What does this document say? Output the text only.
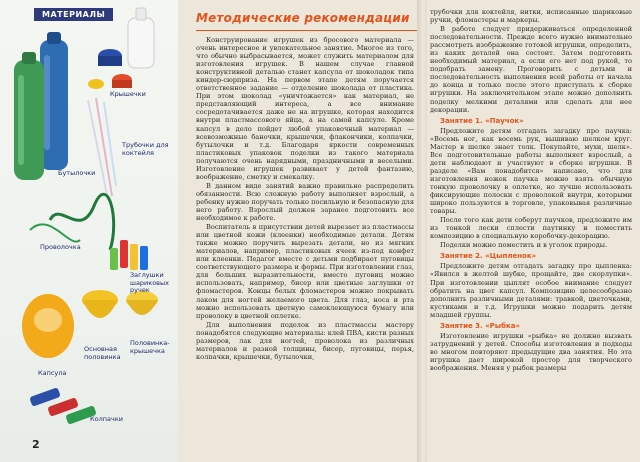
МАТЕРИАЛЫ
Крышечки
Трубочки для коктейля
Бутылочки
Проволочка
Заглушки шариковых ручек
Капсула
Основная половинка
Половинка-крышечка
Колпачки
2
Методические рекомендации

Конструирование игрушек из бросового материала — очень интересное и увлекательное занятие. Многое из того, что обычно выбрасывается, может служить материалом для изготовления игрушек. В нашем случае главной конструктивной деталью станет капсула от шоколадок типа киндер-сюрприза. На первом этапе детям поручается ответственное задание — отделение шоколада от пластика. При этом шоколад «уничтожается» как материал, не представляющий интереса, а все внимание сосредотачивается даже не на игрушке, которая находится внутри пластмассового яйца, а на самой капсуле. Кроме капсул в дело пойдет любой упаковочный материал — всевозможные баночки, крышечки, флакончики, колпачки, бутылочки и т.д. Благодаря яркости современных пластиковых упаковок поделки из такого материала получаются очень нарядными, праздничными и веселыми. Изготовление игрушек развивает у детей фантазию, воображение, сметку и смекалку.

В данном виде занятий важно правильно распределить обязанности. Всю сложную работу выполняет взрослый, а ребенку нужно поручать только посильную и безопасную для него работу. Взрослый должен заранее подготовить все необходимое к работе.

Воспитатель в присутствии детей вырезает из пластмассы или цветной кожи (клеенки) необходимые детали. Детям также можно поручить вырезать детали, но из мягких материалов, например, пластиковых ячеек из-под конфет или клеенки. Педагог вместе с детьми подбирает пуговицы соответствующего размера и формы. При изготовлении глаз, для больших выразительности, вместо пуговиц можно использовать, например, бисер или цветные заглушки от фломастеров. Концы белых фломастеров можно покрывать лаком для ногтей желаемого цвета. Для глаз, носа и рта можно использовать цветную самоклеющуюся бумагу или проволоку в цветной оплетке.

Для выполнения поделок из пластмассы мастеру понадобятся следующие материалы: клей ПВА, кисти разных размеров, лак для ногтей, проволока из различных материалов и разной толщины, бисер, пуговицы, перья, колпачки, крышечки, бутылочки,

трубочки для коктейля, нитки, исписанные шариковые ручки, фломастеры и маркеры.

В работе следует придерживаться определенной последовательности. Прежде всего нужно внимательно рассмотреть изображение готовой игрушки, определить, из каких деталей она состоит. Затем подготовить необходимый материал, а если его нет под рукой, то подобрать замену. Проговорить с детьми и последовательность выполнения всей работы от начала до конца и только после этого приступать к сборке игрушки. На заключительном этапе можно дополнить поделку мелкими деталями или сделать для нее декорации.

Занятие 1. «Паучок»

Предложите детям отгадать загадку про паучка: «Восемь ног, как восемь рук, вышиваю шелком круг. Мастер в шелке знает толк. Покупайте, мухи, шелк». Все подготовительные работы выполняет взрослый, а дети наблюдают и участвуют в сборке игрушки. В разделе «Вам понадобится» написано, что для изготовления ножек паучка можно взять обычную тонкую проволочку в оплетке, но лучше использовать фиксирующие полоски с проволокой внутри, которыми широко пользуются в торговле, упаковывая различные товары.

После того как дети соберут паучков, предложите им из тонкой лески сплести паутинку и поместить композицию в специальную коробочку-декорацию.

Поделки можно поместить и в уголок природы.

Занятие 2. «Цыпленок»

Предложите детям отгадать загадку про цыпленка: «Явился в желтой шубке, прощайте, две скорлупки». При изготовлении цыплят особое внимание следует обратить на цвет капсул. Композицию целесообразно дополнить различными деталями: травкой, цветочками, кустиками и т.д. Игрушки можно подарить детям младшей группы.

Занятие 3. «Рыбка»

Изготовление игрушки «рыбка» не должно вызвать затруднений у детей. Способы изготовления и подходы во многом повторяют предыдущие два занятия. Но эта игрушка дает широкой простор для творческого воображения. Меняя у рыбок размеры
